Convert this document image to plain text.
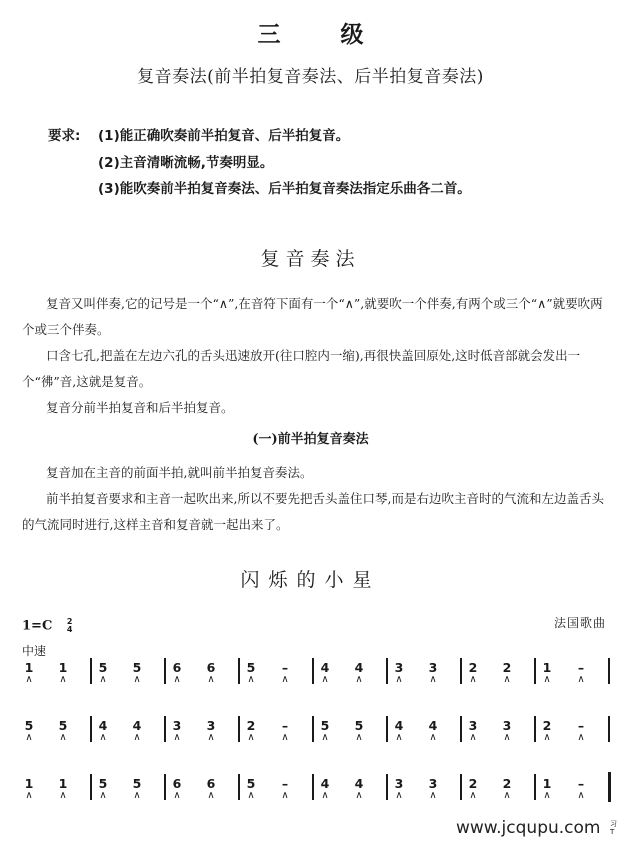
三	级
复音奏法(前半拍复音奏法、后半拍复音奏法)
要求: (1)能正确吹奏前半拍复音、后半拍复音。
(2)主音清晰流畅,节奏明显。
(3)能吹奏前半拍复音奏法、后半拍复音奏法指定乐曲各二首。
复音奏法
复音又叫伴奏,它的记号是一个“∧”,在音符下面有一个“∧”,就要吹一个伴奏,有两个或三个“∧”就要吹两个或三个伴奏。
口含七孔,把盖在左边六孔的舌头迅速放开(往口腔内一缩),再很快盖回原处,这时低音部就会发出一个“彿”音,这就是复音。
复音分前半拍复音和后半拍复音。
(一)前半拍复音奏法
复音加在主音的前面半拍,就叫前半拍复音奏法。
前半拍复音要求和主音一起吹出来,所以不要先把舌头盖住口琴,而是右边吹主音时的气流和左边盖舌头的气流同时进行,这样主音和复音就一起出来了。
闪烁的小星
1=C 2
4
中速
法国歌曲
1
∧
1
∧
5
∧
5
∧
6
∧
6
∧
5
∧
–
∧
4
∧
4
∧
3
∧
3
∧
2
∧
2
∧
1
∧
–
∧
5
∧
5
∧
4
∧
4
∧
3
∧
3
∧
2
∧
–
∧
5
∧
5
∧
4
∧
4
∧
3
∧
3
∧
2
∧
–
∧
1
∧
1
∧
5
∧
5
∧
6
∧
6
∧
5
∧
–
∧
4
∧
4
∧
3
∧
3
∧
2
∧
2
∧
1
∧
–
∧
www.jcqupu.com 习
T
